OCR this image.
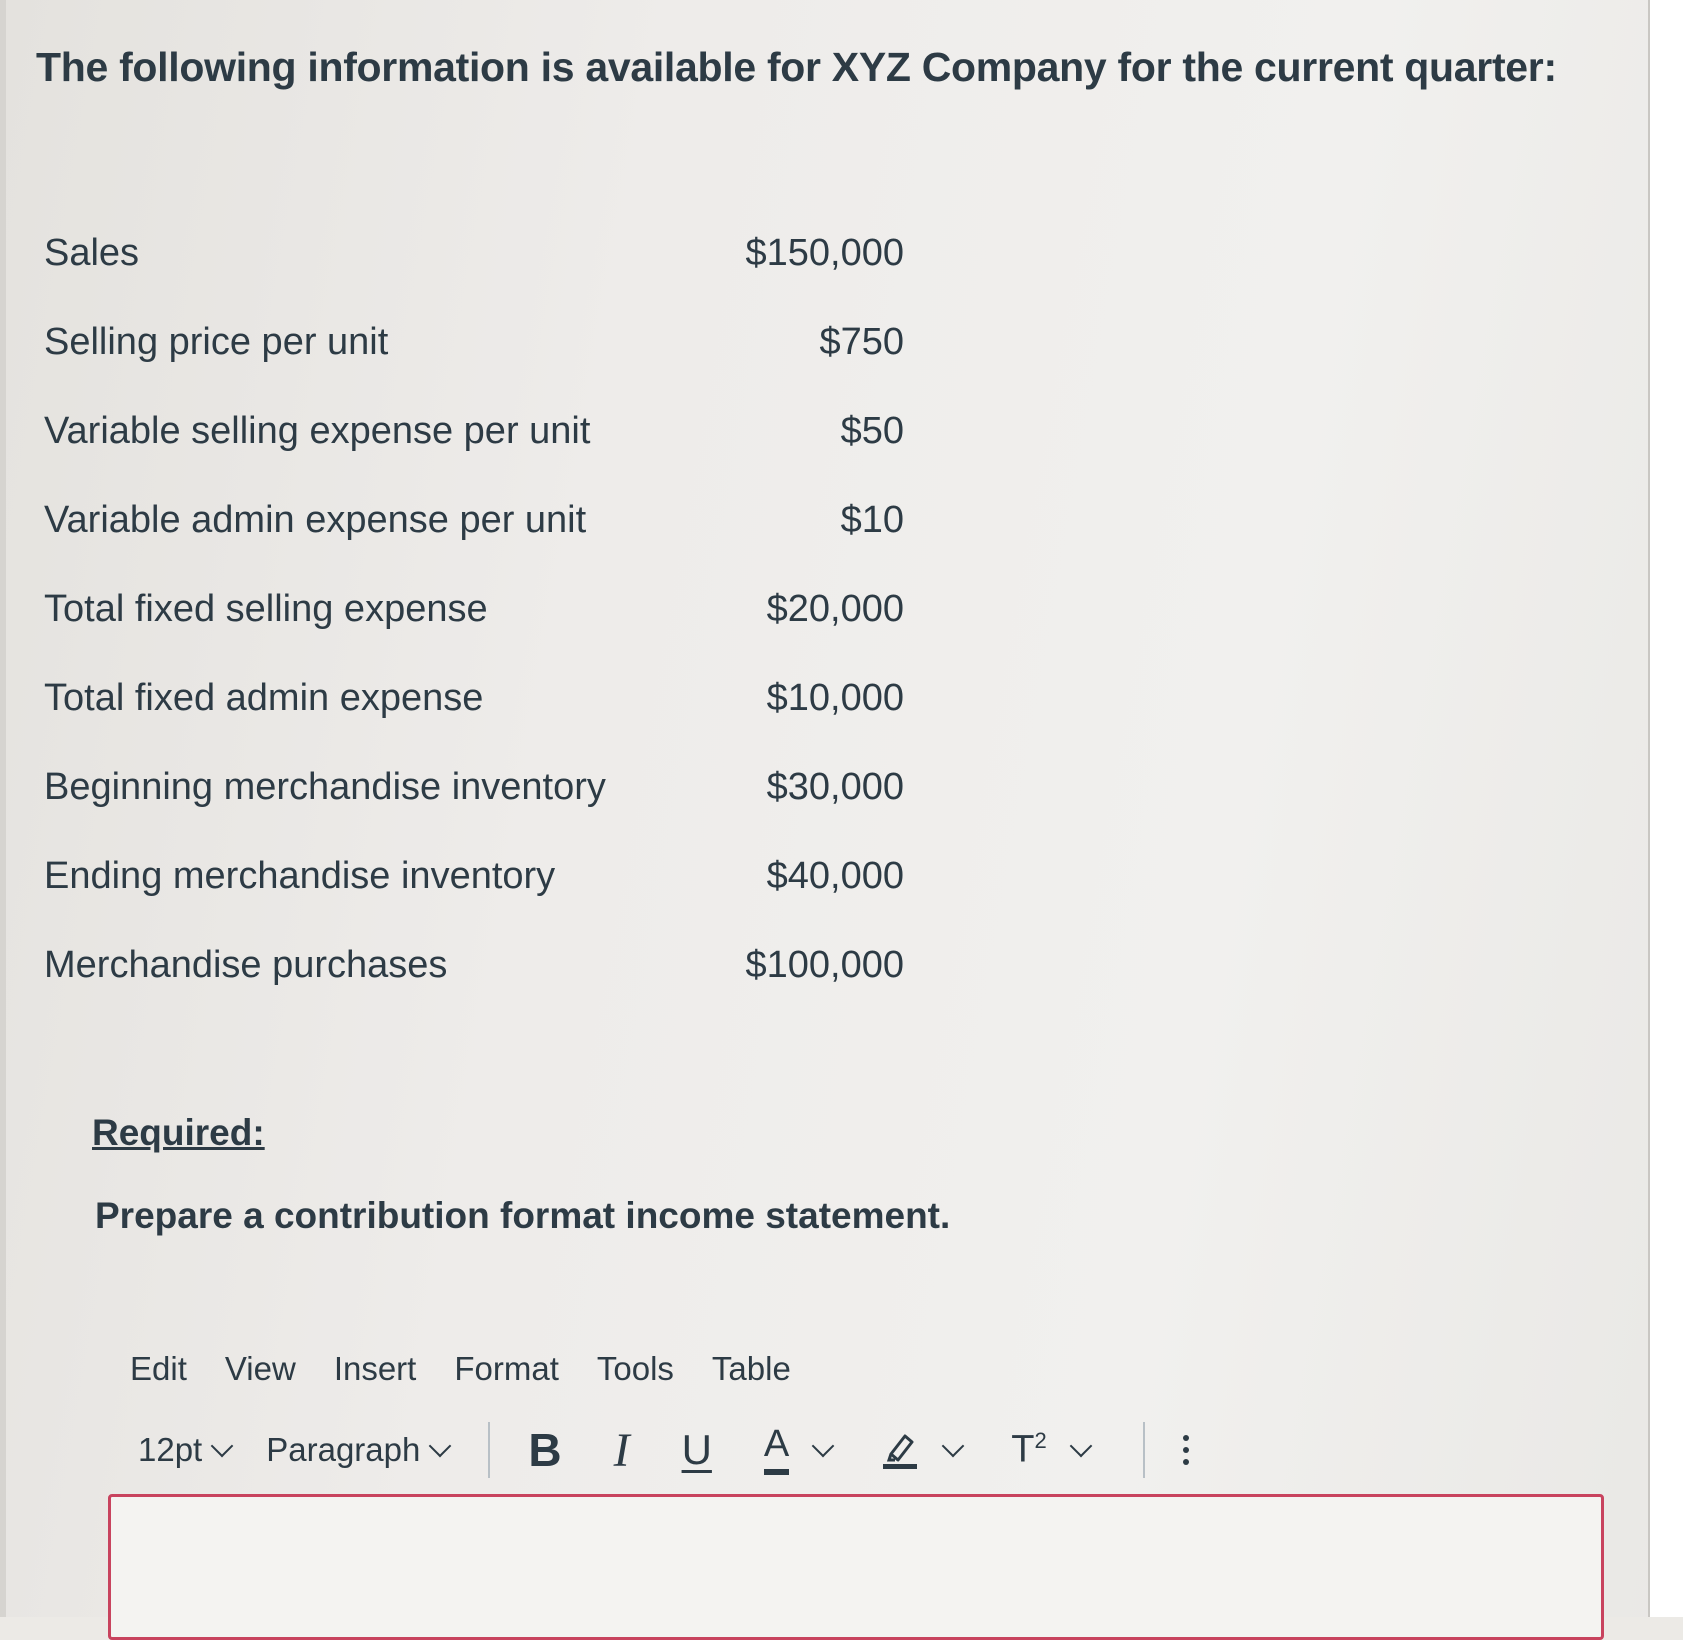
The following information is available for XYZ Company for the current quarter:
Sales	$150,000
Selling price per unit	$750
Variable selling expense per unit	$50
Variable admin expense per unit	$10
Total fixed selling expense	$20,000
Total fixed admin expense	$10,000
Beginning merchandise inventory	$30,000
Ending merchandise inventory	$40,000
Merchandise purchases	$100,000
Required:
Prepare a contribution format income statement.
Edit View Insert Format Tools Table
12pt Paragraph B I U A	$T^2$
